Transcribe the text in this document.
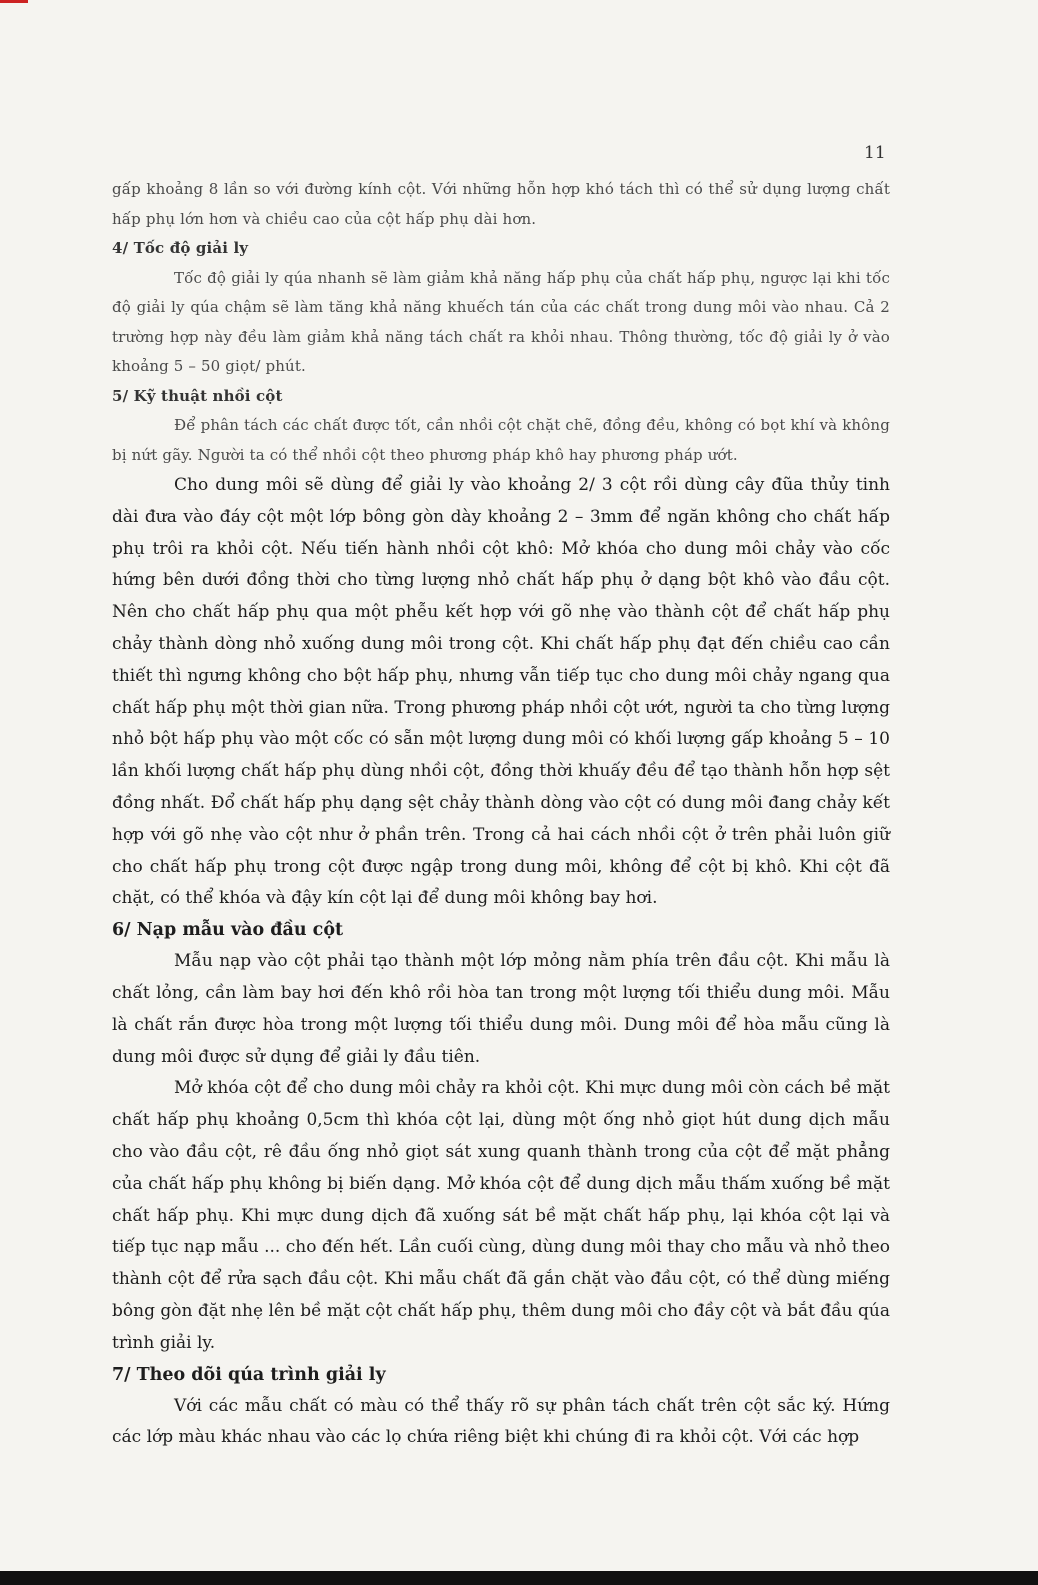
11

gấp khoảng 8 lần so với đường kính cột. Với những hỗn hợp khó tách thì có thể sử dụng lượng chất hấp phụ lớn hơn và chiều cao của cột hấp phụ dài hơn.

4/ Tốc độ giải ly

Tốc độ giải ly qúa nhanh sẽ làm giảm khả năng hấp phụ của chất hấp phụ, ngược lại khi tốc độ giải ly qúa chậm sẽ làm tăng khả năng khuếch tán của các chất trong dung môi vào nhau. Cả 2 trường hợp này đều làm giảm khả năng tách chất ra khỏi nhau. Thông thường, tốc độ giải ly ở vào khoảng 5 – 50 giọt/ phút.

5/ Kỹ thuật nhồi cột

Để phân tách các chất được tốt, cần nhồi cột chặt chẽ, đồng đều, không có bọt khí và không bị nứt gãy. Người ta có thể nhồi cột theo phương pháp khô hay phương pháp ướt.

Cho dung môi sẽ dùng để giải ly vào khoảng 2/ 3 cột rồi dùng cây đũa thủy tinh dài đưa vào đáy cột một lớp bông gòn dày khoảng 2 – 3mm để ngăn không cho chất hấp phụ trôi ra khỏi cột. Nếu tiến hành nhồi cột khô: Mở khóa cho dung môi chảy vào cốc hứng bên dưới đồng thời cho từng lượng nhỏ chất hấp phụ ở dạng bột khô vào đầu cột. Nên cho chất hấp phụ qua một phễu kết hợp với gõ nhẹ vào thành cột để chất hấp phụ chảy thành dòng nhỏ xuống dung môi trong cột. Khi chất hấp phụ đạt đến chiều cao cần thiết thì ngưng không cho bột hấp phụ, nhưng vẫn tiếp tục cho dung môi chảy ngang qua chất hấp phụ một thời gian nữa. Trong phương pháp nhồi cột ướt, người ta cho từng lượng nhỏ bột hấp phụ vào một cốc có sẵn một lượng dung môi có khối lượng gấp khoảng 5 – 10 lần khối lượng chất hấp phụ dùng nhồi cột, đồng thời khuấy đều để tạo thành hỗn hợp sệt đồng nhất. Đổ chất hấp phụ dạng sệt chảy thành dòng vào cột có dung môi đang chảy kết hợp với gõ nhẹ vào cột như ở phần trên. Trong cả hai cách nhồi cột ở trên phải luôn giữ cho chất hấp phụ trong cột được ngập trong dung môi, không để cột bị khô. Khi cột đã chặt, có thể khóa và đậy kín cột lại để dung môi không bay hơi.

6/ Nạp mẫu vào đầu cột

Mẫu nạp vào cột phải tạo thành một lớp mỏng nằm phía trên đầu cột. Khi mẫu là chất lỏng, cần làm bay hơi đến khô rồi hòa tan trong một lượng tối thiểu dung môi. Mẫu là chất rắn được hòa trong một lượng tối thiểu dung môi. Dung môi để hòa mẫu cũng là dung môi được sử dụng để giải ly đầu tiên.

Mở khóa cột để cho dung môi chảy ra khỏi cột. Khi mực dung môi còn cách bề mặt chất hấp phụ khoảng 0,5cm thì khóa cột lại, dùng một ống nhỏ giọt hút dung dịch mẫu cho vào đầu cột, rê đầu ống nhỏ giọt sát xung quanh thành trong của cột để mặt phẳng của chất hấp phụ không bị biến dạng. Mở khóa cột để dung dịch mẫu thấm xuống bề mặt chất hấp phụ. Khi mực dung dịch đã xuống sát bề mặt chất hấp phụ, lại khóa cột lại và tiếp tục nạp mẫu ... cho đến hết. Lần cuối cùng, dùng dung môi thay cho mẫu và nhỏ theo thành cột để rửa sạch đầu cột. Khi mẫu chất đã gắn chặt vào đầu cột, có thể dùng miếng bông gòn đặt nhẹ lên bề mặt cột chất hấp phụ, thêm dung môi cho đầy cột và bắt đầu qúa trình giải ly.

7/ Theo dõi qúa trình giải ly

Với các mẫu chất có màu có thể thấy rõ sự phân tách chất trên cột sắc ký. Hứng các lớp màu khác nhau vào các lọ chứa riêng biệt khi chúng đi ra khỏi cột. Với các hợp
